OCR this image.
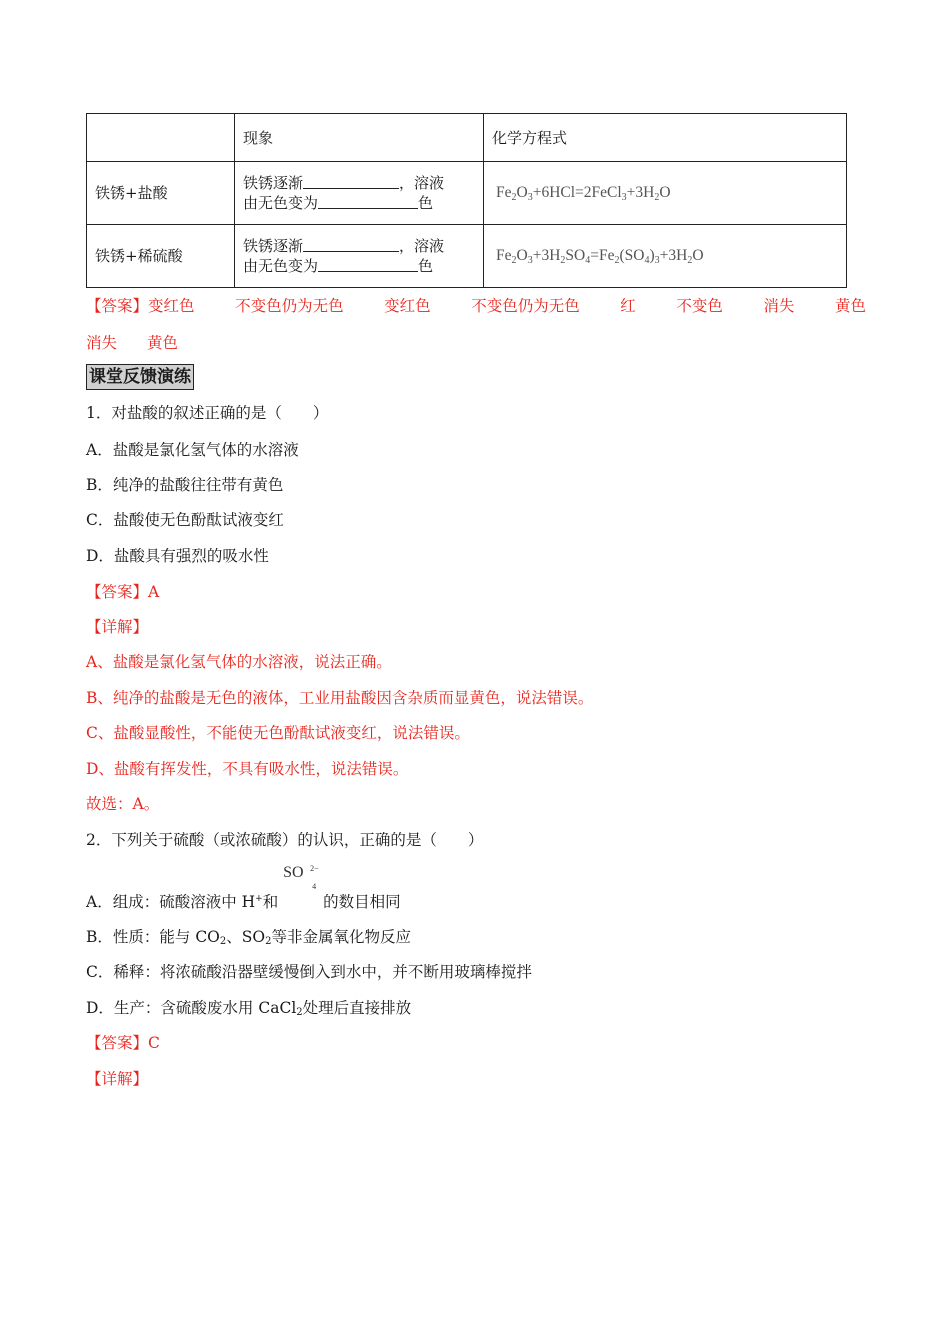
	现象	化学方程式
铁锈+盐酸	铁锈逐渐 ，溶液
由无色变为 色	$Fe_2O_3+6HCl=2FeCl_3+3H_2O$
铁锈+稀硫酸	铁锈逐渐 ，溶液
由无色变为 色	$Fe_2O_3+3H_2SO_4=Fe_2(SO_4)_3+3H_2O$
【答案】变红色	不变色仍为无色	变红色	不变色仍为无色	红	不变色	消失	黄色
消失 黄色
课堂反馈演练
1．对盐酸的叙述正确的是（　　）
A．盐酸是氯化氢气体的水溶液
B．纯净的盐酸往往带有黄色
C．盐酸使无色酚酞试液变红
D．盐酸具有强烈的吸水性
【答案】A
【详解】
A、盐酸是氯化氢气体的水溶液，说法正确。
B、纯净的盐酸是无色的液体，工业用盐酸因含杂质而显黄色，说法错误。
C、盐酸显酸性，不能使无色酚酞试液变红，说法错误。
D、盐酸有挥发性，不具有吸水性，说法错误。
故选：A。
2．下列关于硫酸（或浓硫酸）的认识，正确的是（　　）
A．组成：硫酸溶液中 H+和
SO 2−
4
的数目相同
B．性质：能与 $CO_2$、$SO_2$等非金属氧化物反应
C．稀释：将浓硫酸沿器壁缓慢倒入到水中，并不断用玻璃棒搅拌
D．生产：含硫酸废水用 CaCl$_2$处理后直接排放
【答案】C
【详解】
